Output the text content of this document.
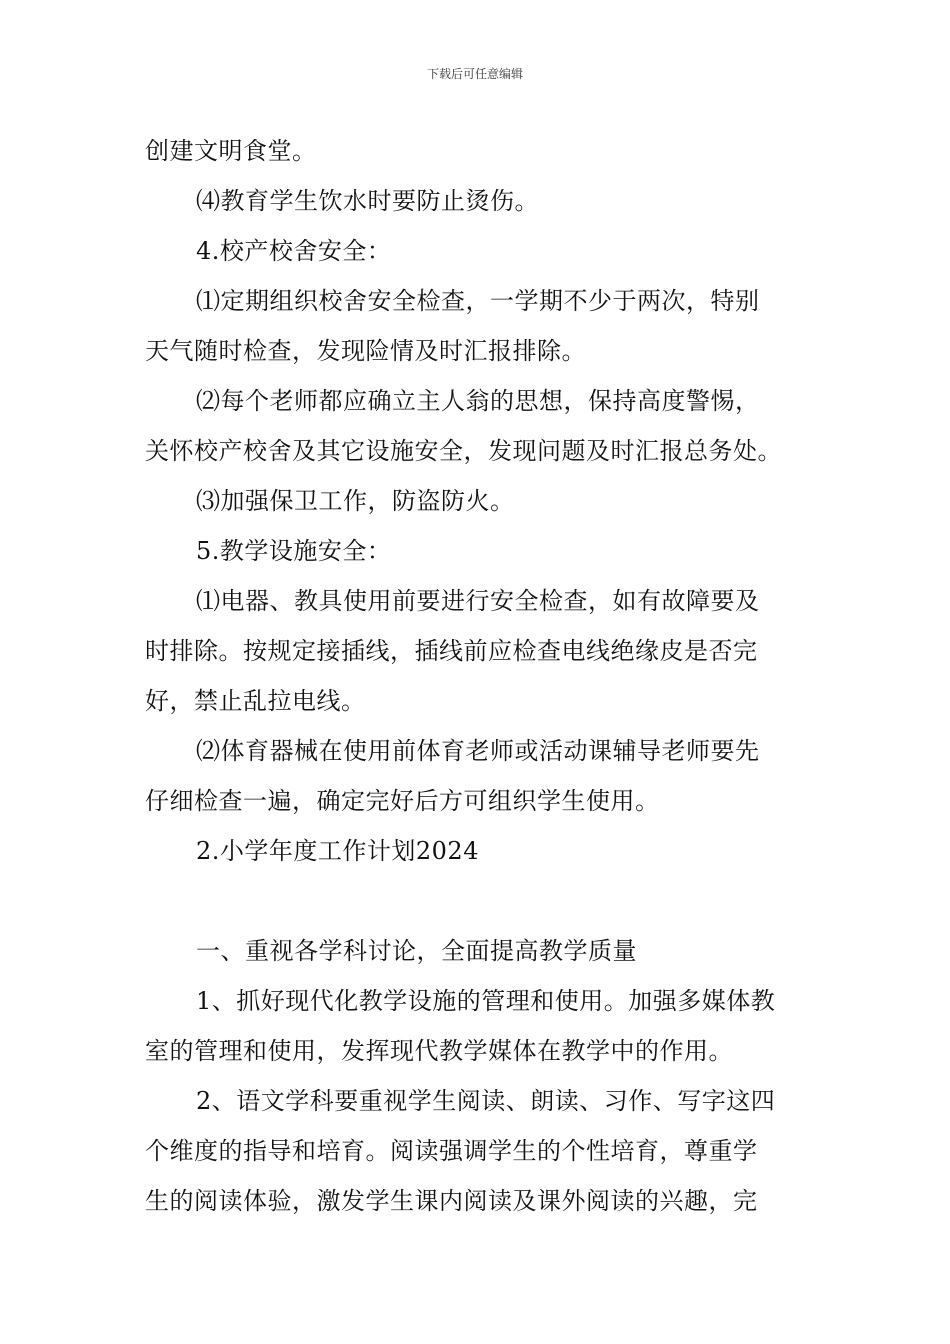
下载后可任意编辑
创建文明食堂。
⑷教育学生饮水时要防止烫伤。
4.校产校舍安全：
⑴定期组织校舍安全检查，一学期不少于两次，特别
天气随时检查，发现险情及时汇报排除。
⑵每个老师都应确立主人翁的思想，保持高度警惕，
关怀校产校舍及其它设施安全，发现问题及时汇报总务处。
⑶加强保卫工作，防盗防火。
5.教学设施安全：
⑴电器、教具使用前要进行安全检查，如有故障要及
时排除。按规定接插线，插线前应检查电线绝缘皮是否完
好，禁止乱拉电线。
⑵体育器械在使用前体育老师或活动课辅导老师要先
仔细检查一遍，确定完好后方可组织学生使用。
2.小学年度工作计划2024
一、重视各学科讨论，全面提高教学质量
1、抓好现代化教学设施的管理和使用。加强多媒体教
室的管理和使用，发挥现代教学媒体在教学中的作用。
2、语文学科要重视学生阅读、朗读、习作、写字这四
个维度的指导和培育。阅读强调学生的个性培育，尊重学
生的阅读体验，激发学生课内阅读及课外阅读的兴趣，完
